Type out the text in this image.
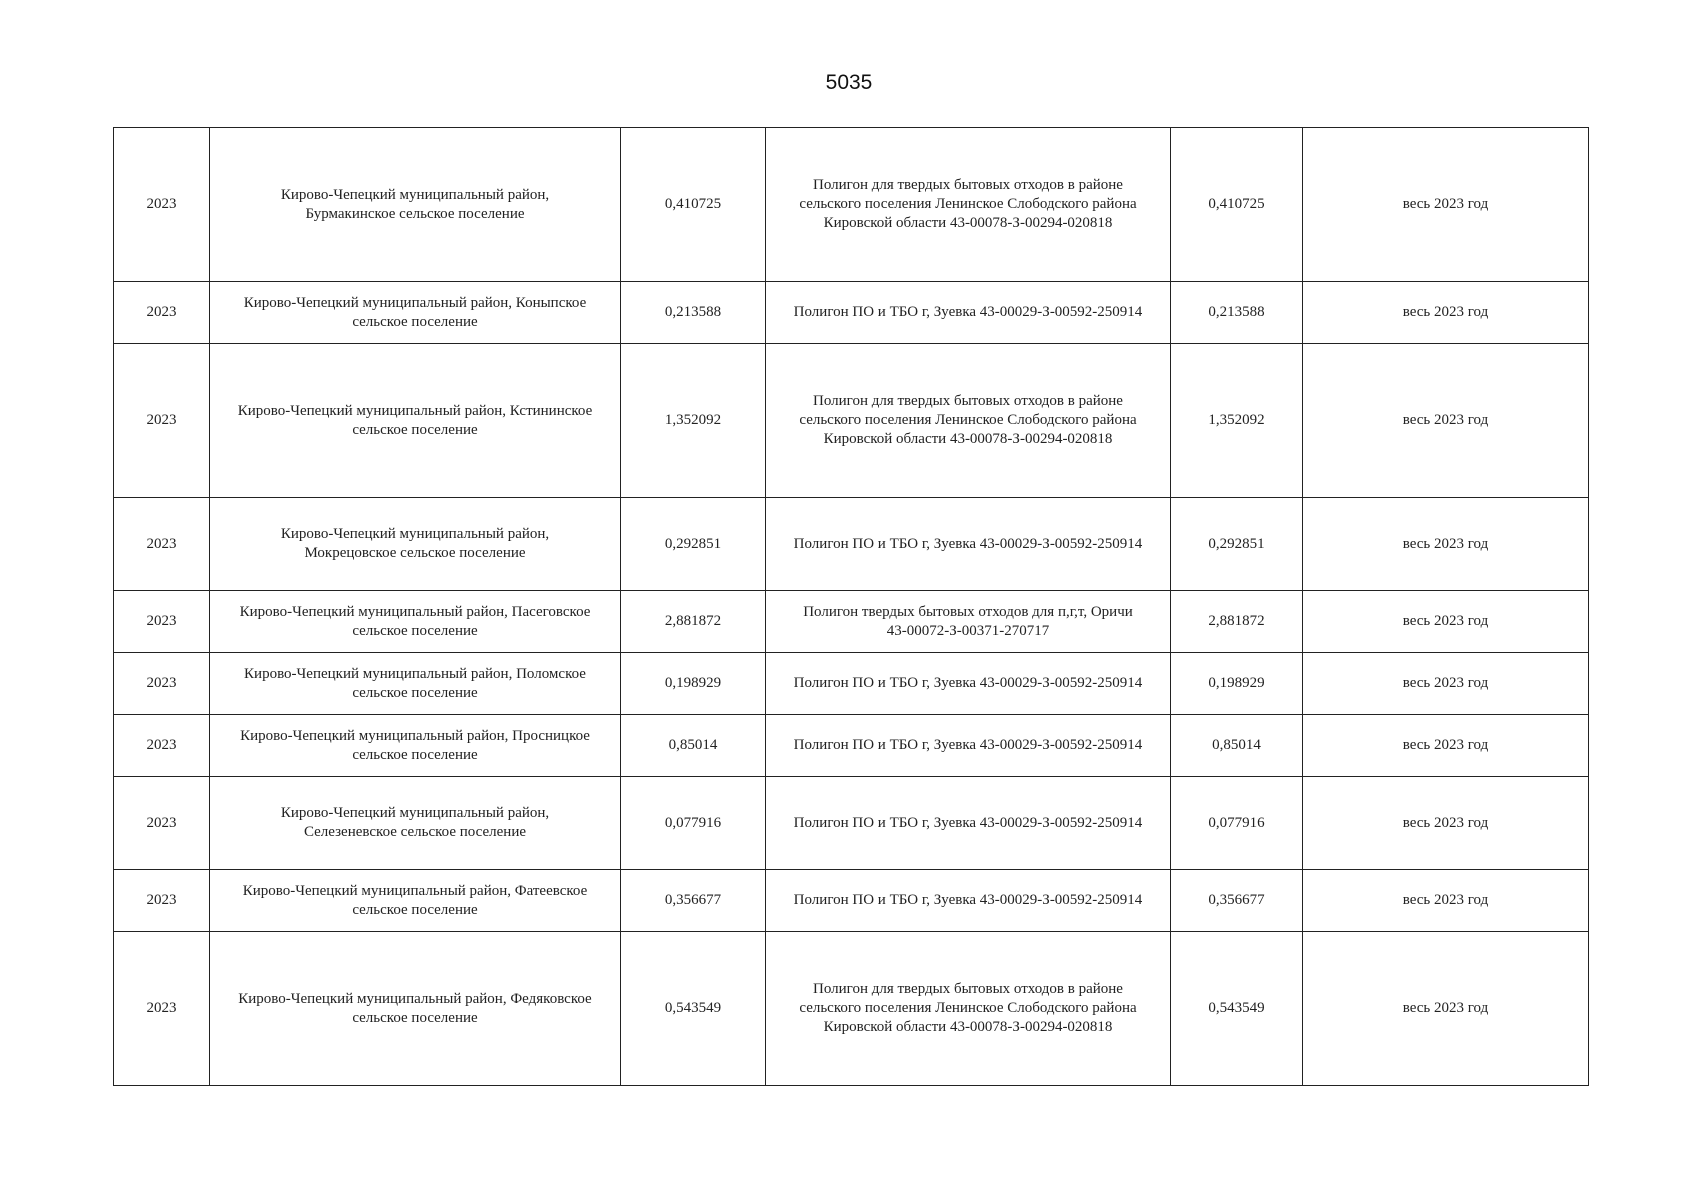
5035
2023	Кирово-Чепецкий муниципальный район,
Бурмакинское сельское поселение	0,410725	Полигон для твердых бытовых отходов в районе
сельского поселения Ленинское Слободского района
Кировской области 43-00078-З-00294-020818	0,410725	весь 2023 год
2023	Кирово-Чепецкий муниципальный район, Коныпское
сельское поселение	0,213588	Полигон ПО и ТБО г, Зуевка 43-00029-З-00592-250914	0,213588	весь 2023 год
2023	Кирово-Чепецкий муниципальный район, Кстининское
сельское поселение	1,352092	Полигон для твердых бытовых отходов в районе
сельского поселения Ленинское Слободского района
Кировской области 43-00078-З-00294-020818	1,352092	весь 2023 год
2023	Кирово-Чепецкий муниципальный район,
Мокрецовское сельское поселение	0,292851	Полигон ПО и ТБО г, Зуевка 43-00029-З-00592-250914	0,292851	весь 2023 год
2023	Кирово-Чепецкий муниципальный район, Пасеговское
сельское поселение	2,881872	Полигон твердых бытовых отходов для п,г,т, Оричи
43-00072-З-00371-270717	2,881872	весь 2023 год
2023	Кирово-Чепецкий муниципальный район, Поломское
сельское поселение	0,198929	Полигон ПО и ТБО г, Зуевка 43-00029-З-00592-250914	0,198929	весь 2023 год
2023	Кирово-Чепецкий муниципальный район, Просницкое
сельское поселение	0,85014	Полигон ПО и ТБО г, Зуевка 43-00029-З-00592-250914	0,85014	весь 2023 год
2023	Кирово-Чепецкий муниципальный район,
Селезеневское сельское поселение	0,077916	Полигон ПО и ТБО г, Зуевка 43-00029-З-00592-250914	0,077916	весь 2023 год
2023	Кирово-Чепецкий муниципальный район, Фатеевское
сельское поселение	0,356677	Полигон ПО и ТБО г, Зуевка 43-00029-З-00592-250914	0,356677	весь 2023 год
2023	Кирово-Чепецкий муниципальный район, Федяковское
сельское поселение	0,543549	Полигон для твердых бытовых отходов в районе
сельского поселения Ленинское Слободского района
Кировской области 43-00078-З-00294-020818	0,543549	весь 2023 год
